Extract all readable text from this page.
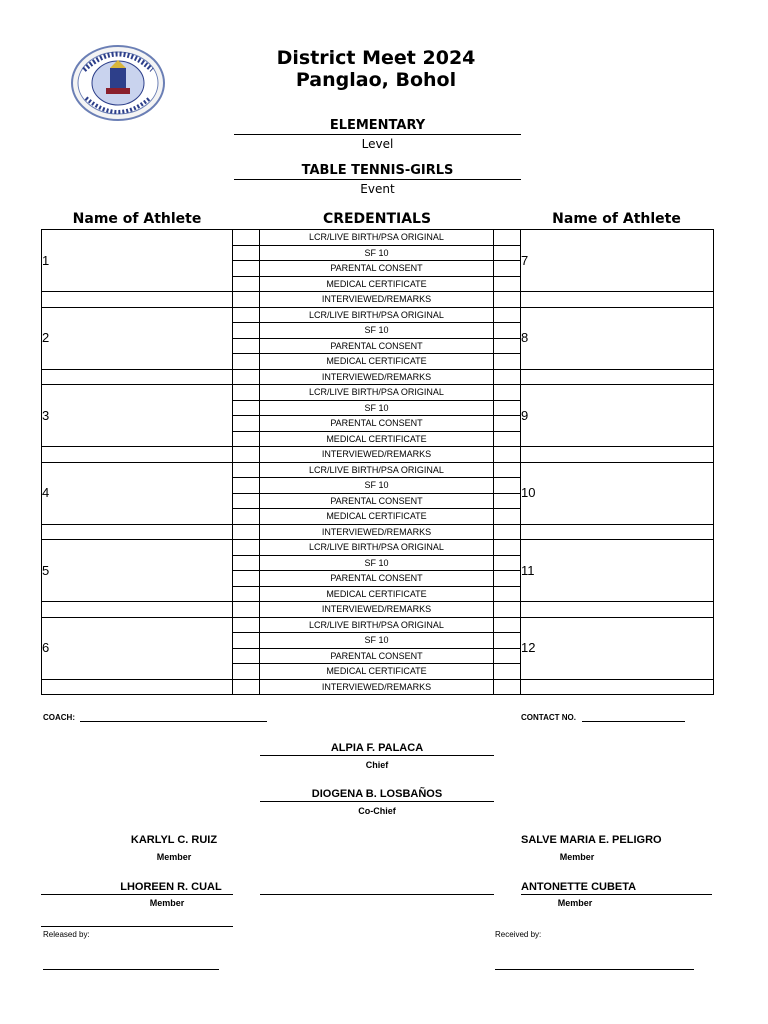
District Meet 2024
Panglao, Bohol
ELEMENTARY
Level
TABLE TENNIS-GIRLS
Event
Name of Athlete	CREDENTIALS	Name of Athlete
1		LCR/LIVE BIRTH/PSA ORIGINAL		7
		SF 10		
		PARENTAL CONSENT		
		MEDICAL CERTIFICATE		
		INTERVIEWED/REMARKS		
2		LCR/LIVE BIRTH/PSA ORIGINAL		8
		SF 10		
		PARENTAL CONSENT		
		MEDICAL CERTIFICATE		
		INTERVIEWED/REMARKS		
3		LCR/LIVE BIRTH/PSA ORIGINAL		9
		SF 10		
		PARENTAL CONSENT		
		MEDICAL CERTIFICATE		
		INTERVIEWED/REMARKS		
4		LCR/LIVE BIRTH/PSA ORIGINAL		10
		SF 10		
		PARENTAL CONSENT		
		MEDICAL CERTIFICATE		
		INTERVIEWED/REMARKS		
5		LCR/LIVE BIRTH/PSA ORIGINAL		11
		SF 10		
		PARENTAL CONSENT		
		MEDICAL CERTIFICATE		
		INTERVIEWED/REMARKS		
6		LCR/LIVE BIRTH/PSA ORIGINAL		12
		SF 10		
		PARENTAL CONSENT		
		MEDICAL CERTIFICATE		
		INTERVIEWED/REMARKS		
COACH:	CONTACT NO.
ALPIA F. PALACA
Chief
DIOGENA B. LOSBAÑOS
Co-Chief
KARLYL C. RUIZ
Member
SALVE MARIA E. PELIGRO
Member
LHOREEN R. CUAL
Member
ANTONETTE CUBETA
Member
Released by:	Received by:
